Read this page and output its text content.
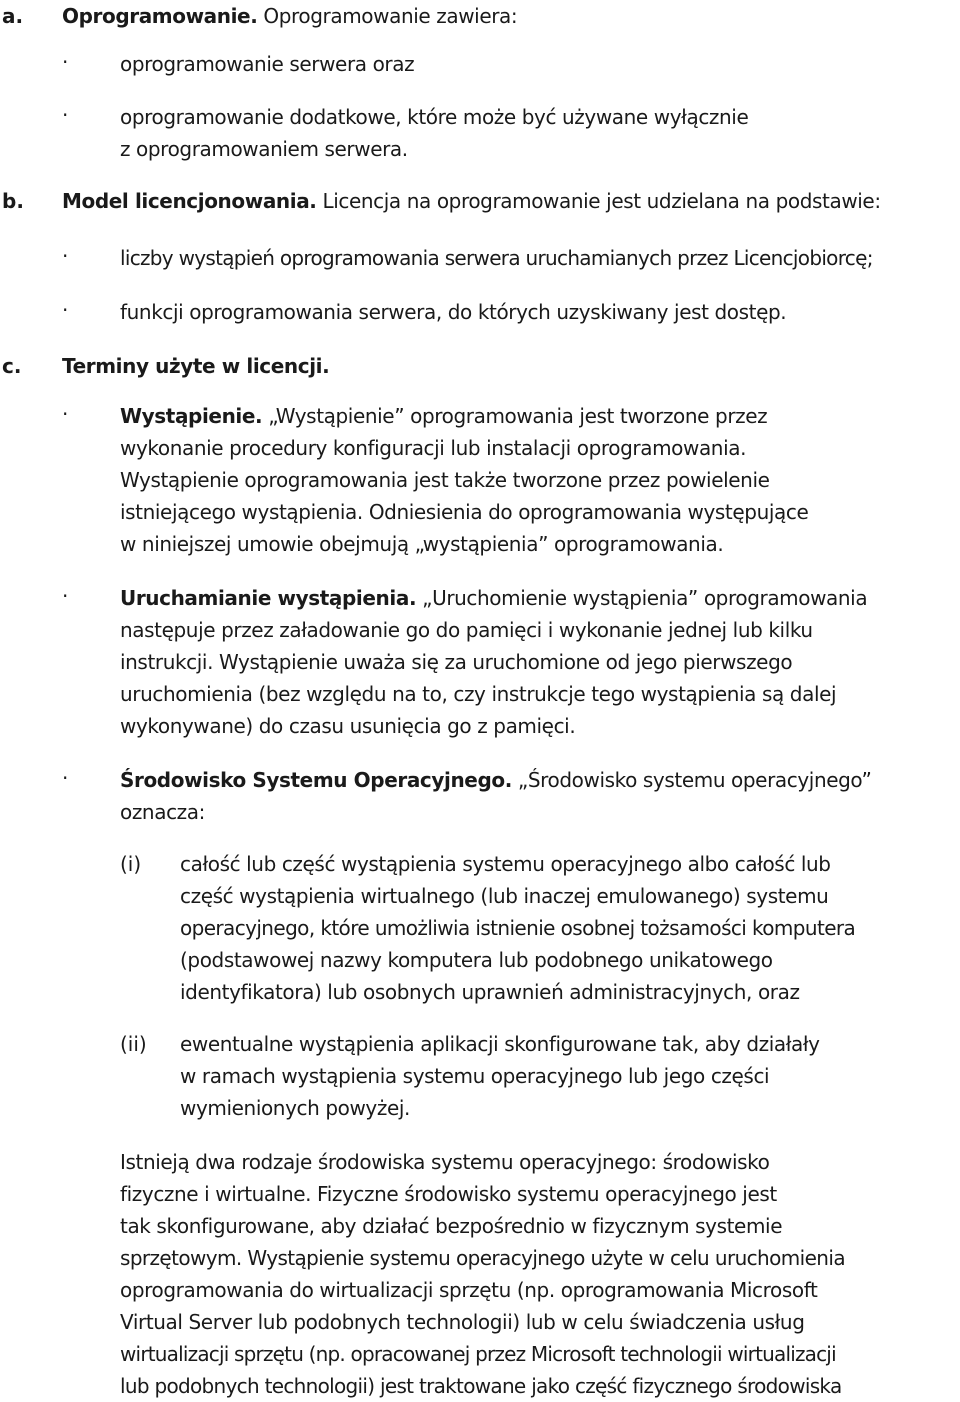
a. Oprogramowanie. Oprogramowanie zawiera:
·	oprogramowanie serwera oraz
·	oprogramowanie dodatkowe, które może być używane wyłącznie
z oprogramowaniem serwera.
b. Model licencjonowania. Licencja na oprogramowanie jest udzielana na podstawie:
·	liczby wystąpień oprogramowania serwera uruchamianych przez Licencjobiorcę;
·	funkcji oprogramowania serwera, do których uzyskiwany jest dostęp.
c. Terminy użyte w licencji.
·	Wystąpienie. „Wystąpienie” oprogramowania jest tworzone przez
wykonanie procedury konfiguracji lub instalacji oprogramowania.
Wystąpienie oprogramowania jest także tworzone przez powielenie
istniejącego wystąpienia. Odniesienia do oprogramowania występujące
w niniejszej umowie obejmują „wystąpienia” oprogramowania.
·	Uruchamianie wystąpienia. „Uruchomienie wystąpienia” oprogramowania
następuje przez załadowanie go do pamięci i wykonanie jednej lub kilku
instrukcji. Wystąpienie uważa się za uruchomione od jego pierwszego
uruchomienia (bez względu na to, czy instrukcje tego wystąpienia są dalej
wykonywane) do czasu usunięcia go z pamięci.
·	Środowisko Systemu Operacyjnego. „Środowisko systemu operacyjnego”
oznacza:
(i) całość lub część wystąpienia systemu operacyjnego albo całość lub
część wystąpienia wirtualnego (lub inaczej emulowanego) systemu
operacyjnego, które umożliwia istnienie osobnej tożsamości komputera
(podstawowej nazwy komputera lub podobnego unikatowego
identyfikatora) lub osobnych uprawnień administracyjnych, oraz
(ii) ewentualne wystąpienia aplikacji skonfigurowane tak, aby działały
w ramach wystąpienia systemu operacyjnego lub jego części
wymienionych powyżej.
Istnieją dwa rodzaje środowiska systemu operacyjnego: środowisko
fizyczne i wirtualne. Fizyczne środowisko systemu operacyjnego jest
tak skonfigurowane, aby działać bezpośrednio w fizycznym systemie
sprzętowym. Wystąpienie systemu operacyjnego użyte w celu uruchomienia
oprogramowania do wirtualizacji sprzętu (np. oprogramowania Microsoft
Virtual Server lub podobnych technologii) lub w celu świadczenia usług
wirtualizacji sprzętu (np. opracowanej przez Microsoft technologii wirtualizacji
lub podobnych technologii) jest traktowane jako część fizycznego środowiska
